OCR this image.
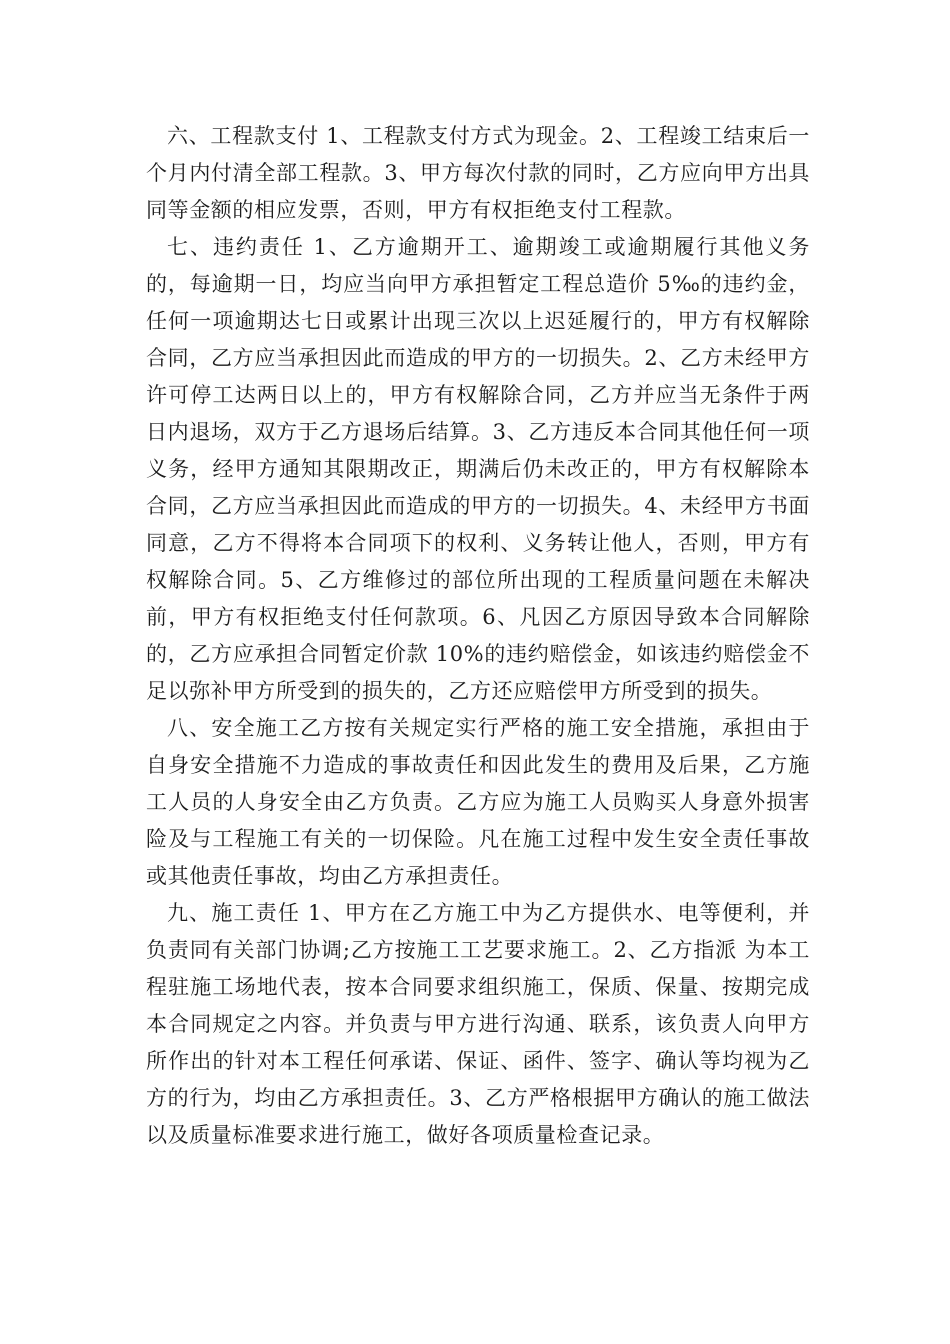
六、工程款支付 1、工程款支付方式为现金。2、工程竣工结束后一个月内付清全部工程款。3、甲方每次付款的同时，乙方应向甲方出具同等金额的相应发票，否则，甲方有权拒绝支付工程款。

七、违约责任 1、乙方逾期开工、逾期竣工或逾期履行其他义务的，每逾期一日，均应当向甲方承担暂定工程总造价 5‰的违约金，任何一项逾期达七日或累计出现三次以上迟延履行的，甲方有权解除合同，乙方应当承担因此而造成的甲方的一切损失。2、乙方未经甲方许可停工达两日以上的，甲方有权解除合同，乙方并应当无条件于两日内退场，双方于乙方退场后结算。3、乙方违反本合同其他任何一项义务，经甲方通知其限期改正，期满后仍未改正的，甲方有权解除本合同，乙方应当承担因此而造成的甲方的一切损失。4、未经甲方书面同意，乙方不得将本合同项下的权利、义务转让他人，否则，甲方有权解除合同。5、乙方维修过的部位所出现的工程质量问题在未解决前，甲方有权拒绝支付任何款项。6、凡因乙方原因导致本合同解除的，乙方应承担合同暂定价款 10%的违约赔偿金，如该违约赔偿金不足以弥补甲方所受到的损失的，乙方还应赔偿甲方所受到的损失。

八、安全施工乙方按有关规定实行严格的施工安全措施，承担由于自身安全措施不力造成的事故责任和因此发生的费用及后果，乙方施工人员的人身安全由乙方负责。乙方应为施工人员购买人身意外损害险及与工程施工有关的一切保险。凡在施工过程中发生安全责任事故或其他责任事故，均由乙方承担责任。

九、施工责任 1、甲方在乙方施工中为乙方提供水、电等便利，并负责同有关部门协调;乙方按施工工艺要求施工。2、乙方指派 为本工程驻施工场地代表，按本合同要求组织施工，保质、保量、按期完成本合同规定之内容。并负责与甲方进行沟通、联系，该负责人向甲方所作出的针对本工程任何承诺、保证、函件、签字、确认等均视为乙方的行为，均由乙方承担责任。3、乙方严格根据甲方确认的施工做法以及质量标准要求进行施工，做好各项质量检查记录。
